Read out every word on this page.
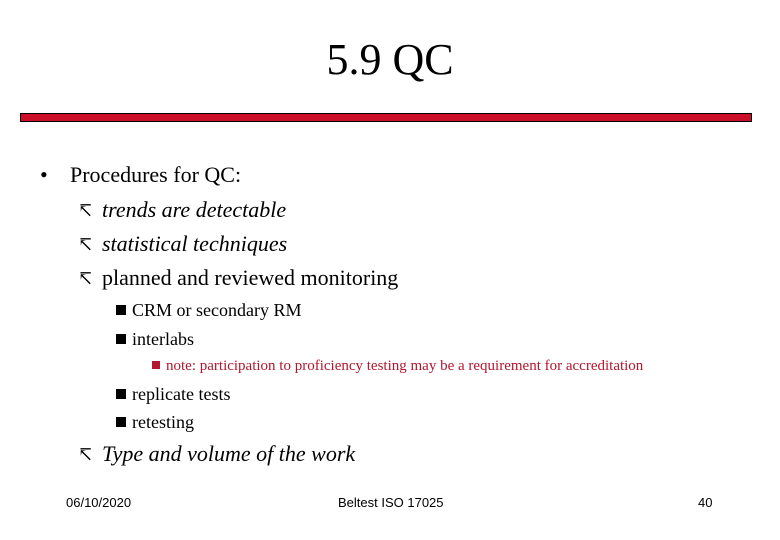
5.9 QC
• Procedures for QC:
↸ trends are detectable
↸ statistical techniques
↸ planned and reviewed monitoring
CRM or secondary RM
interlabs
note: participation to proficiency testing may be a requirement for accreditation
replicate tests
retesting
↸ Type and volume of the work
06/10/2020	Beltest ISO 17025	40
